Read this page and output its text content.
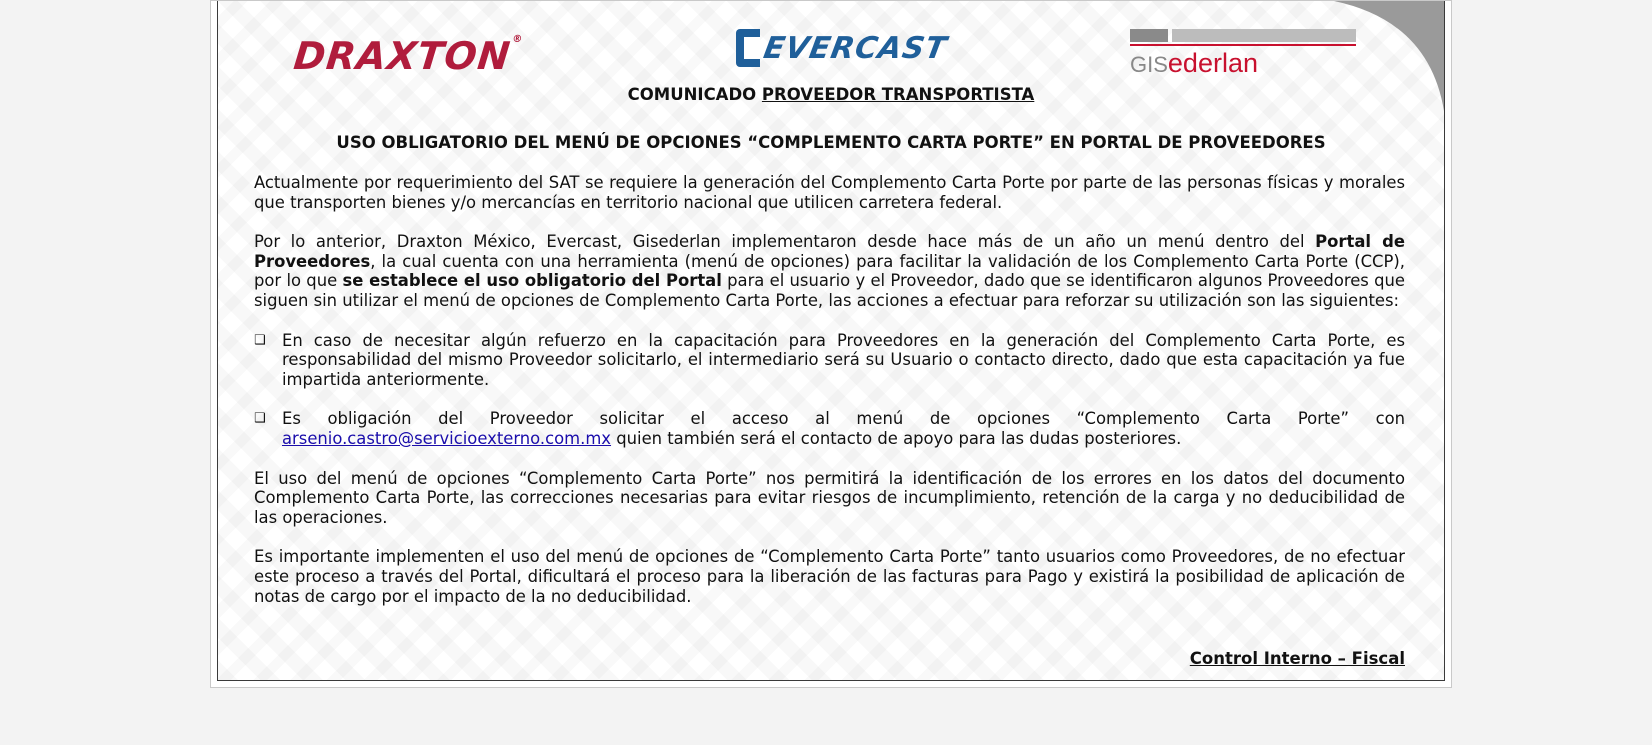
DRAXTON®	EVERCAST	GISederlan
COMUNICADO PROVEEDOR TRANSPORTISTA
USO OBLIGATORIO DEL MENÚ DE OPCIONES “COMPLEMENTO CARTA PORTE” EN PORTAL DE PROVEEDORES

Actualmente por requerimiento del SAT se requiere la generación del Complemento Carta Porte por parte de las personas físicas y morales que transporten bienes y/o mercancías en territorio nacional que utilicen carretera federal.

Por lo anterior, Draxton México, Evercast, Gisederlan implementaron desde hace más de un año un menú dentro del Portal de Proveedores, la cual cuenta con una herramienta (menú de opciones) para facilitar la validación de los Complemento Carta Porte (CCP), por lo que se establece el uso obligatorio del Portal para el usuario y el Proveedor, dado que se identificaron algunos Proveedores que siguen sin utilizar el menú de opciones de Complemento Carta Porte, las acciones a efectuar para reforzar su utilización son las siguientes:

❑ En caso de necesitar algún refuerzo en la capacitación para Proveedores en la generación del Complemento Carta Porte, es responsabilidad del mismo Proveedor solicitarlo, el intermediario será su Usuario o contacto directo, dado que esta capacitación ya fue impartida anteriormente.
❑ Es obligación del Proveedor solicitar el acceso al menú de opciones “Complemento Carta Porte” con arsenio.castro@servicioexterno.com.mx quien también será el contacto de apoyo para las dudas posteriores.

El uso del menú de opciones “Complemento Carta Porte” nos permitirá la identificación de los errores en los datos del documento Complemento Carta Porte, las correcciones necesarias para evitar riesgos de incumplimiento, retención de la carga y no deducibilidad de las operaciones.

Es importante implementen el uso del menú de opciones de “Complemento Carta Porte” tanto usuarios como Proveedores, de no efectuar este proceso a través del Portal, dificultará el proceso para la liberación de las facturas para Pago y existirá la posibilidad de aplicación de notas de cargo por el impacto de la no deducibilidad.

Control Interno – Fiscal
